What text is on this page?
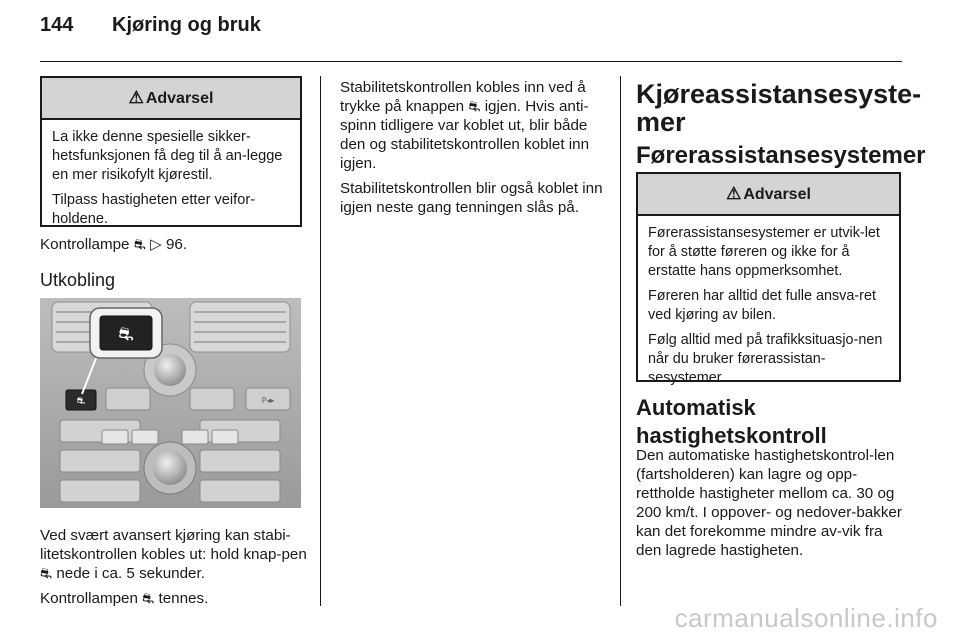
144 Kjøring og bruk
⚠ Advarsel

La ikke denne spesielle sikker-hetsfunksjonen få deg til å an-legge en mer risikofylt kjørestil.

Tilpass hastigheten etter veifor-holdene.

Kontrollampe ⛐ ▷ 96.
Utkobling
⛐	P◂▸
⛐

Ved svært avansert kjøring kan stabi-litetskontrollen kobles ut: hold knap-pen ⛐ nede i ca. 5 sekunder.

Kontrollampen ⛐ tennes.

Stabilitetskontrollen kobles inn ved å trykke på knappen ⛐ igjen. Hvis anti-spinn tidligere var koblet ut, blir både den og stabilitetskontrollen koblet inn igjen.

Stabilitetskontrollen blir også koblet inn igjen neste gang tenningen slås på.

Kjøreassistansesyste-mer
Førerassistansesystemer
⚠ Advarsel

Førerassistansesystemer er utvik-let for å støtte føreren og ikke for å erstatte hans oppmerksomhet.

Føreren har alltid det fulle ansva-ret ved kjøring av bilen.

Følg alltid med på trafikksituasjo-nen når du bruker førerassistan-sesystemer.

Automatisk hastighetskontroll
Den automatiske hastighetskontrol-len (fartsholderen) kan lagre og opp-rettholde hastigheter mellom ca. 30 og 200 km/t. I oppover- og nedover-bakker kan det forekomme mindre av-vik fra den lagrede hastigheten.
carmanualsonline.info
